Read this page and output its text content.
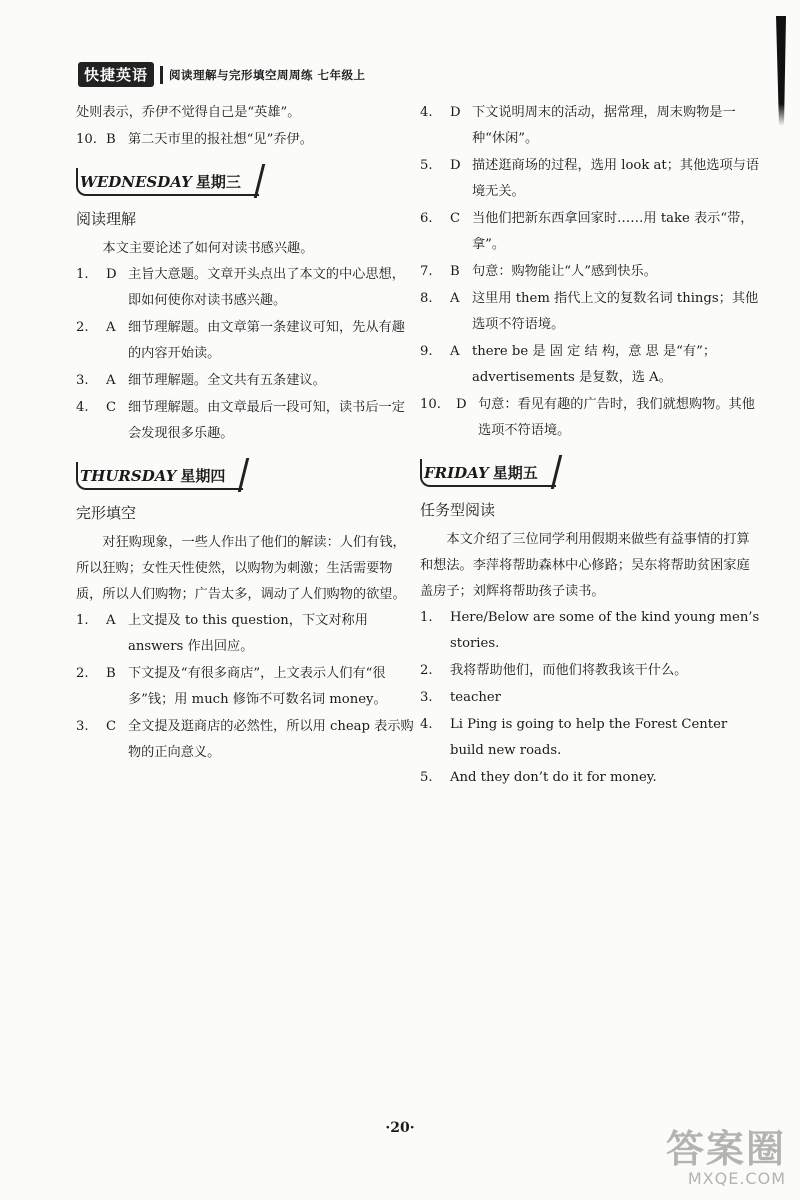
快捷英语	阅读理解与完形填空周周练 七年级上
处则表示，乔伊不觉得自己是“英雄”。
10. B 第二天市里的报社想“见”乔伊。
WEDNESDAY 星期三
阅读理解

本文主要论述了如何对读书感兴趣。

1.	D 主旨大意题。文章开头点出了本文的中心思想，即如何使你对读书感兴趣。
2.	A 细节理解题。由文章第一条建议可知，先从有趣的内容开始读。
3.	A 细节理解题。全文共有五条建议。
4.	C 细节理解题。由文章最后一段可知，读书后一定会发现很多乐趣。
THURSDAY 星期四
完形填空

对狂购现象，一些人作出了他们的解读：人们有钱，所以狂购；女性天性使然，以购物为刺激；生活需要物质，所以人们购物；广告太多，调动了人们购物的欲望。

1.	A 上文提及 to this question，下文对称用 answers 作出回应。
2.	B 下文提及“有很多商店”，上文表示人们有“很多”钱；用 much 修饰不可数名词 money。
3.	C 全文提及逛商店的必然性，所以用 cheap 表示购物的正向意义。
4.	D 下文说明周末的活动，据常理，周末购物是一种“休闲”。
5.	D 描述逛商场的过程，选用 look at；其他选项与语境无关。
6.	C 当他们把新东西拿回家时……用 take 表示“带，拿”。
7.	B 句意：购物能让“人”感到快乐。
8.	A 这里用 them 指代上文的复数名词 things；其他选项不符语境。
9.	A there be 是 固 定 结 构，意 思 是“有”；advertisements 是复数，选 A。
10.	D 句意：看见有趣的广告时，我们就想购物。其他选项不符语境。
FRIDAY 星期五
任务型阅读

本文介绍了三位同学利用假期来做些有益事情的打算和想法。李萍将帮助森林中心修路；吴东将帮助贫困家庭盖房子；刘辉将帮助孩子读书。

1.	Here/Below are some of the kind young men’s stories.
2.	我将帮助他们，而他们将教我该干什么。
3.	teacher
4.	Li Ping is going to help the Forest Center build new roads.
5.	And they don’t do it for money.
·20·	答案圈
MXQE.COM
